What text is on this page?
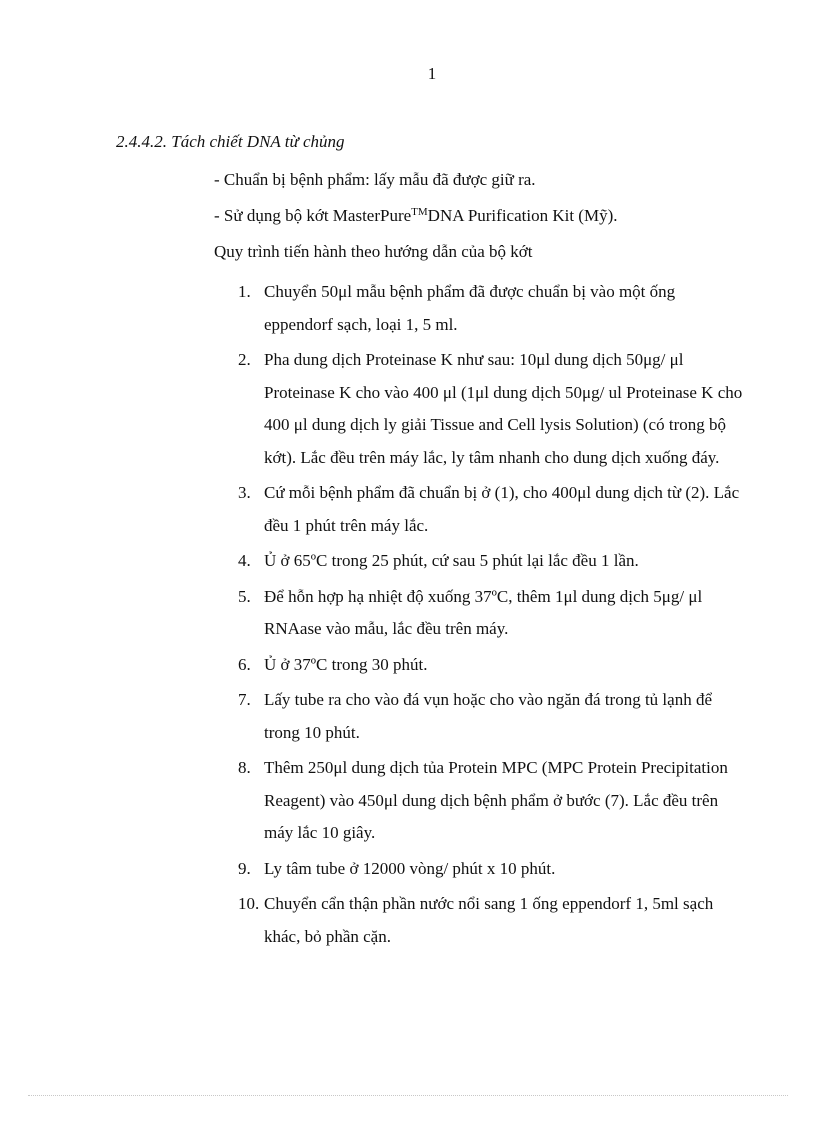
1
2.4.4.2. Tách chiết DNA từ chủng
- Chuẩn bị bệnh phẩm: lấy mẫu đã được giữ ra.
- Sử dụng bộ kớt MasterPure™DNA Purification Kit (Mỹ).
Quy trình tiến hành theo hướng dẫn của bộ kớt
1. Chuyển 50μl mẫu bệnh phẩm đã được chuẩn bị vào một ống eppendorf sạch, loại 1, 5 ml.
2. Pha dung dịch Proteinase K như sau: 10μl dung dịch 50μg/ μl Proteinase K cho vào 400 μl (1μl dung dịch 50μg/ ul Proteinase K cho 400 μl dung dịch ly giải Tissue and Cell lysis Solution) (có trong bộ kớt). Lắc đều trên máy lắc, ly tâm nhanh cho dung dịch xuống đáy.
3. Cứ mỗi bệnh phẩm đã chuẩn bị ở (1), cho 400μl dung dịch từ (2). Lắc đều 1 phút trên máy lắc.
4. Ủ ở 65ºC trong 25 phút, cứ sau 5 phút lại lắc đều 1 lần.
5. Để hỗn hợp hạ nhiệt độ xuống 37ºC, thêm 1μl dung dịch 5μg/ μl RNAase vào mẫu, lắc đều trên máy.
6. Ủ ở 37ºC trong 30 phút.
7. Lấy tube ra cho vào đá vụn hoặc cho vào ngăn đá trong tủ lạnh để trong 10 phút.
8. Thêm 250μl dung dịch tủa Protein MPC (MPC Protein Precipitation Reagent) vào 450μl dung dịch bệnh phẩm ở bước (7). Lắc đều trên máy lắc 10 giây.
9. Ly tâm tube ở 12000 vòng/ phút x 10 phút.
10. Chuyển cẩn thận phần nước nổi sang 1 ống eppendorf 1, 5ml sạch khác, bỏ phần cặn.
